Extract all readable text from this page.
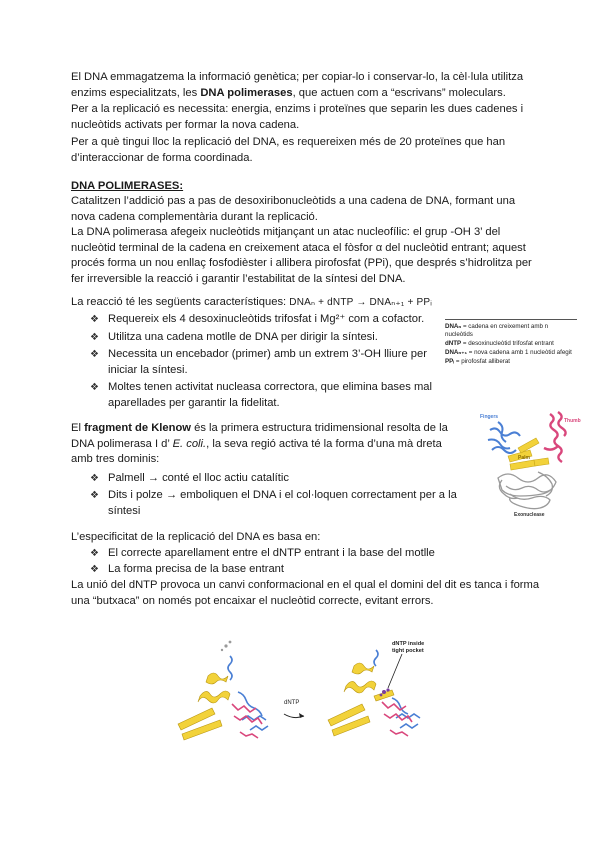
El DNA emmagatzema la informació genètica; per copiar-lo i conservar-lo, la cèl·lula utilitza enzims especialitzats, les DNA polimerases, que actuen com a “escrivans” moleculars.

Per a la replicació es necessita: energia, enzims i proteïnes que separin les dues cadenes i nucleòtids activats per formar la nova cadena.

Per a què tingui lloc la replicació del DNA, es requereixen més de 20 proteïnes que han d’interaccionar de forma coordinada.

DNA POLIMERASES:

Catalitzen l’addició pas a pas de desoxiribonucleòtids a una cadena de DNA, formant una nova cadena complementària durant la replicació.

La DNA polimerasa afegeix nucleòtids mitjançant un atac nucleofílic: el grup -OH 3’ del nucleòtid terminal de la cadena en creixement ataca el fòsfor α del nucleòtid entrant; aquest procés forma un nou enllaç fosfodièster i allibera pirofosfat (PPi), que després s’hidrolitza per fer irreversible la reacció i garantir l’estabilitat de la síntesi del DNA.

La reacció té les següents característiques: DNAₙ + dNTP → DNAₙ₊₁ + PPᵢ

❖ Requereix els 4 desoxinucleòtids trifosfat i Mg²⁺ com a cofactor.
❖ Utilitza una cadena motlle de DNA per dirigir la síntesi.
❖ Necessita un encebador (primer) amb un extrem 3’-OH lliure per iniciar la síntesi.
❖ Moltes tenen activitat nucleasa correctora, que elimina bases mal aparellades per garantir la fidelitat.
DNAₙ = cadena en creixement amb n nucleòtids
dNTP = desoxinucleòtid trifosfat entrant
DNAₙ₊₁ = nova cadena amb 1 nucleòtid afegit
PPᵢ = pirofosfat alliberat

El fragment de Klenow és la primera estructura tridimensional resolta de la DNA polimerasa I d’ E. coli., la seva regió activa té la forma d’una mà dreta amb tres dominis:

❖ Palmell → conté el lloc actiu catalític
❖ Dits i polze → emboliquen el DNA i el col·loquen correctament per a la síntesi
Fingers
Thumb
Palm
Exonuclease

L’especificitat de la replicació del DNA es basa en:

❖ El correcte aparellament entre el dNTP entrant i la base del motlle
❖ La forma precisa de la base entrant

La unió del dNTP provoca un canvi conformacional en el qual el domini del dit es tanca i forma una “butxaca” on només pot encaixar el nucleòtid correcte, evitant errors.

dNTP
dNTP inside
tight pocket
